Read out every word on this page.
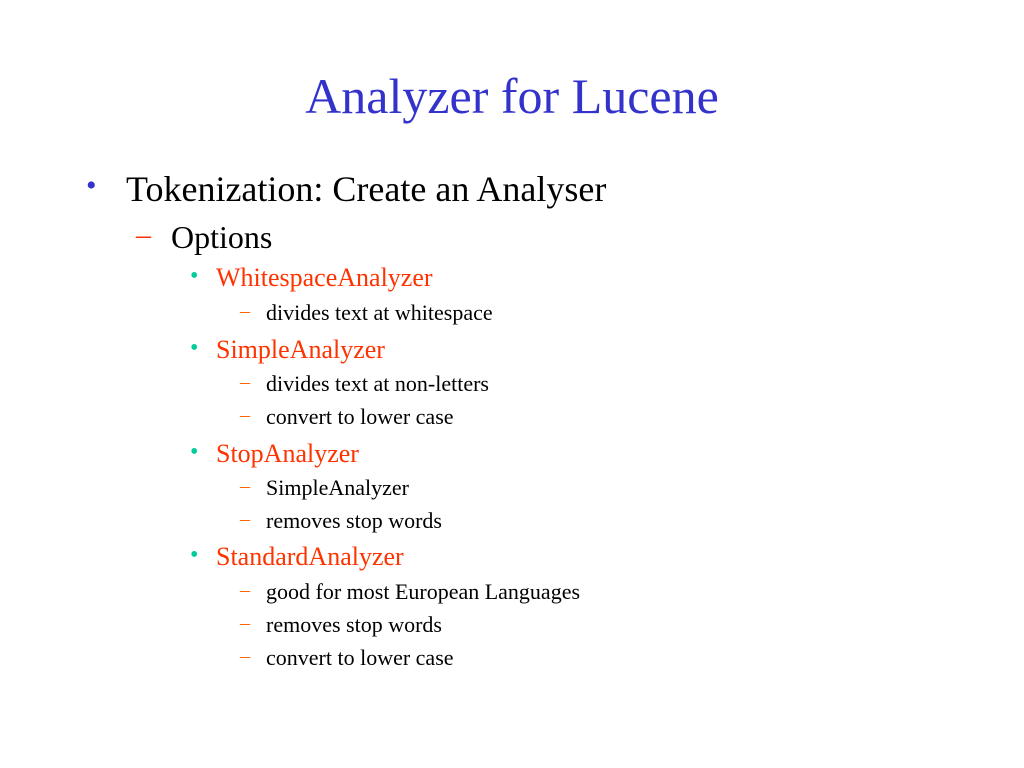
Analyzer for Lucene
• Tokenization: Create an Analyser
– Options
• WhitespaceAnalyzer
– divides text at whitespace
• SimpleAnalyzer
– divides text at non-letters
– convert to lower case
• StopAnalyzer
– SimpleAnalyzer
– removes stop words
• StandardAnalyzer
– good for most European Languages
– removes stop words
– convert to lower case
